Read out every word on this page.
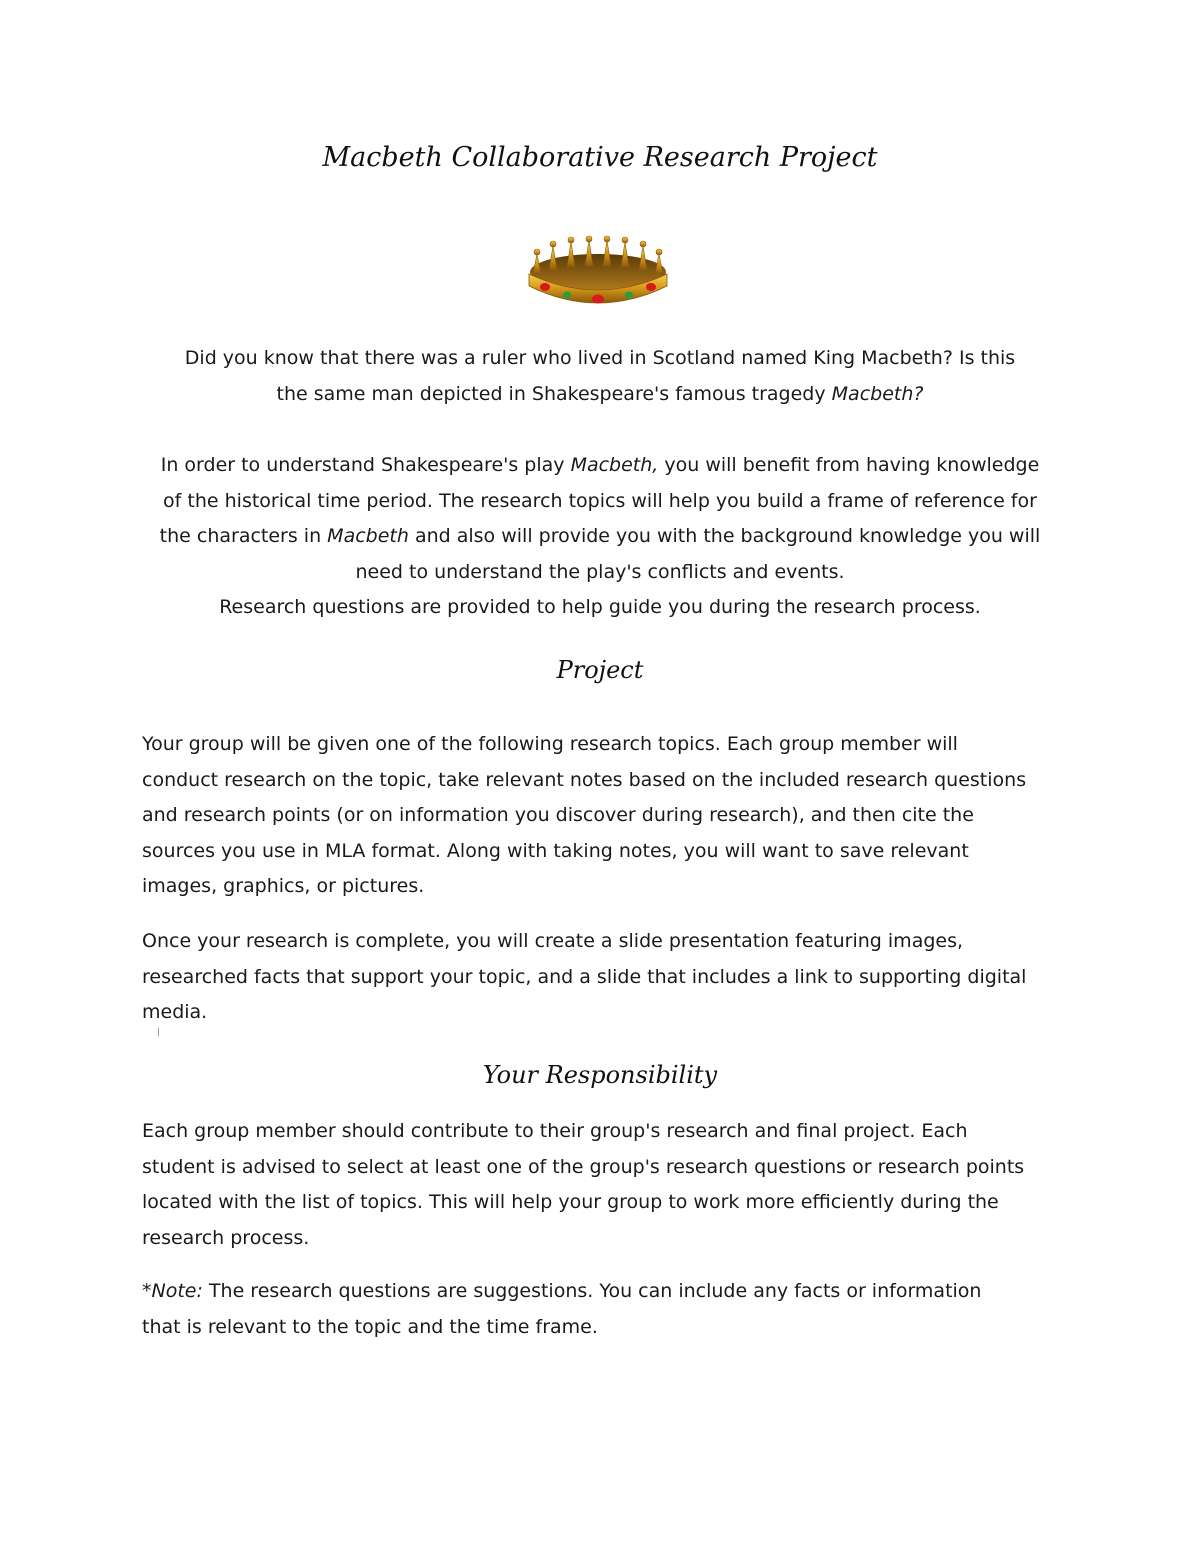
Macbeth Collaborative Research Project

Did you know that there was a ruler who lived in Scotland named King Macbeth? Is this

the same man depicted in Shakespeare's famous tragedy Macbeth?

In order to understand Shakespeare's play Macbeth, you will benefit from having knowledge

of the historical time period. The research topics will help you build a frame of reference for

the characters in Macbeth and also will provide you with the background knowledge you will

need to understand the play's conflicts and events.

Research questions are provided to help guide you during the research process.

Project

Your group will be given one of the following research topics. Each group member will

conduct research on the topic, take relevant notes based on the included research questions

and research points (or on information you discover during research), and then cite the

sources you use in MLA format. Along with taking notes, you will want to save relevant

images, graphics, or pictures.

Once your research is complete, you will create a slide presentation featuring images,

researched facts that support your topic, and a slide that includes a link to supporting digital

media.

Your Responsibility

Each group member should contribute to their group's research and final project. Each

student is advised to select at least one of the group's research questions or research points

located with the list of topics. This will help your group to work more efficiently during the

research process.

*Note: The research questions are suggestions. You can include any facts or information

that is relevant to the topic and the time frame.
